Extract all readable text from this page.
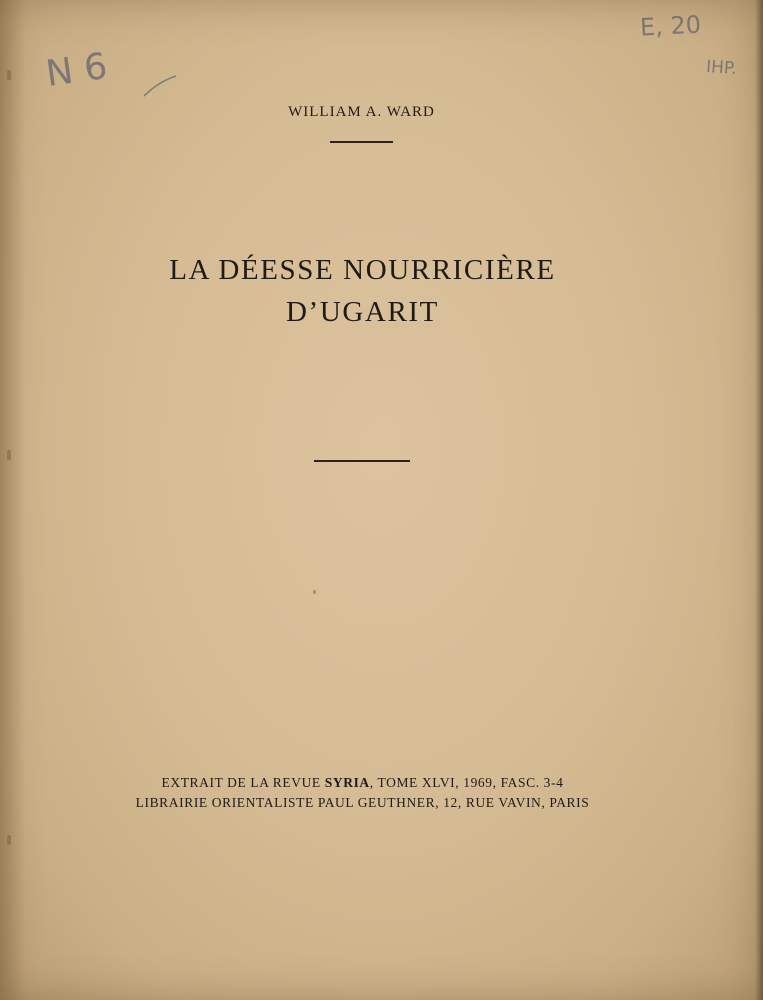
N 6
E, 20
IHP.
WILLIAM A. WARD
LA DÉESSE NOURRICIÈRE
D’UGARIT
EXTRAIT DE LA REVUE SYRIA, TOME XLVI, 1969, FASC. 3-4
LIBRAIRIE ORIENTALISTE PAUL GEUTHNER, 12, RUE VAVIN, PARIS
